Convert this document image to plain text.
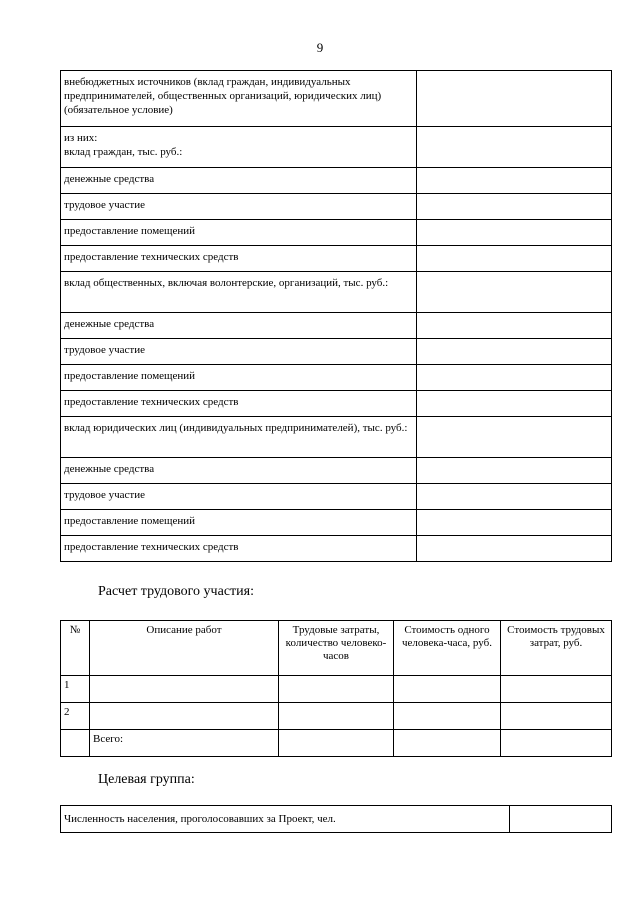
9
внебюджетных источников (вклад граждан, индивидуальных предпринимателей, общественных организаций, юридических лиц) (обязательное условие)	
из них:
вклад граждан, тыс. руб.:	
денежные средства	
трудовое участие	
предоставление помещений	
предоставление технических средств	
вклад общественных, включая волонтерские, организаций, тыс. руб.:	
денежные средства	
трудовое участие	
предоставление помещений	
предоставление технических средств	
вклад юридических лиц (индивидуальных предпринимателей), тыс. руб.:	
денежные средства	
трудовое участие	
предоставление помещений	
предоставление технических средств	
Расчет трудового участия:
№	Описание работ	Трудовые затраты, количество человеко-часов	Стоимость одного человека-часа, руб.	Стоимость трудовых затрат, руб.
1				
2				
	Всего:			
Целевая группа:
Численность населения, проголосовавших за Проект, чел.	
